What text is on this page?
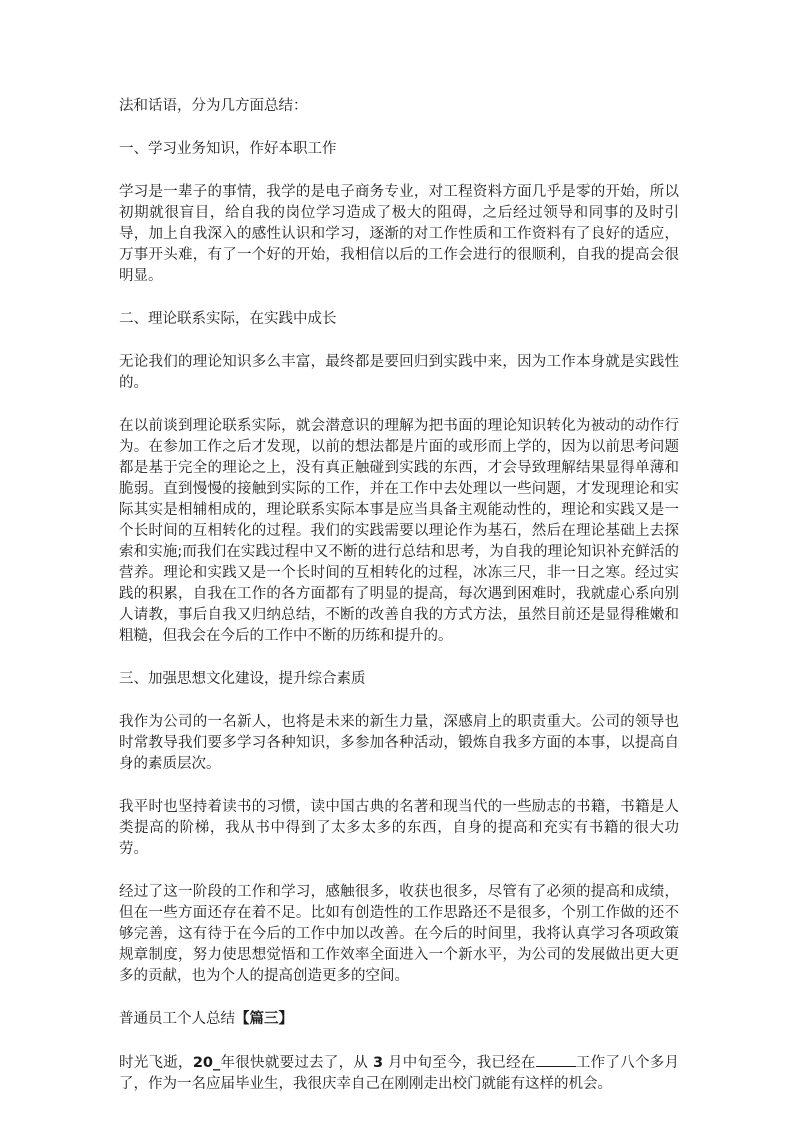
法和话语，分为几方面总结：

一、学习业务知识，作好本职工作

学习是一辈子的事情，我学的是电子商务专业，对工程资料方面几乎是零的开始，所以初期就很盲目，给自我的岗位学习造成了极大的阻碍，之后经过领导和同事的及时引导，加上自我深入的感性认识和学习，逐渐的对工作性质和工作资料有了良好的适应，万事开头难，有了一个好的开始，我相信以后的工作会进行的很顺利，自我的提高会很明显。

二、理论联系实际，在实践中成长

无论我们的理论知识多么丰富，最终都是要回归到实践中来，因为工作本身就是实践性的。

在以前谈到理论联系实际，就会潜意识的理解为把书面的理论知识转化为被动的动作行为。在参加工作之后才发现，以前的想法都是片面的或形而上学的，因为以前思考问题都是基于完全的理论之上，没有真正触碰到实践的东西，才会导致理解结果显得单薄和脆弱。直到慢慢的接触到实际的工作，并在工作中去处理以一些问题，才发现理论和实际其实是相辅相成的，理论联系实际本事是应当具备主观能动性的，理论和实践又是一个长时间的互相转化的过程。我们的实践需要以理论作为基石，然后在理论基础上去探索和实施;而我们在实践过程中又不断的进行总结和思考，为自我的理论知识补充鲜活的营养。理论和实践又是一个长时间的互相转化的过程，冰冻三尺，非一日之寒。经过实践的积累，自我在工作的各方面都有了明显的提高，每次遇到困难时，我就虚心系向别人请教，事后自我又归纳总结，不断的改善自我的方式方法，虽然目前还是显得稚嫩和粗糙，但我会在今后的工作中不断的历练和提升的。

三、加强思想文化建设，提升综合素质

我作为公司的一名新人，也将是未来的新生力量，深感肩上的职责重大。公司的领导也时常教导我们要多学习各种知识，多参加各种活动，锻炼自我多方面的本事，以提高自身的素质层次。

我平时也坚持着读书的习惯，读中国古典的名著和现当代的一些励志的书籍，书籍是人类提高的阶梯，我从书中得到了太多太多的东西，自身的提高和充实有书籍的很大功劳。

经过了这一阶段的工作和学习，感触很多，收获也很多，尽管有了必须的提高和成绩，但在一些方面还存在着不足。比如有创造性的工作思路还不是很多，个别工作做的还不够完善，这有待于在今后的工作中加以改善。在今后的时间里，我将认真学习各项政策规章制度，努力使思想觉悟和工作效率全面进入一个新水平，为公司的发展做出更大更多的贡献，也为个人的提高创造更多的空间。

普通员工个人总结【篇三】

时光飞逝，20_年很快就要过去了，从 3 月中旬至今，我已经在	工作了八个多月了，作为一名应届毕业生，我很庆幸自己在刚刚走出校门就能有这样的机会。
